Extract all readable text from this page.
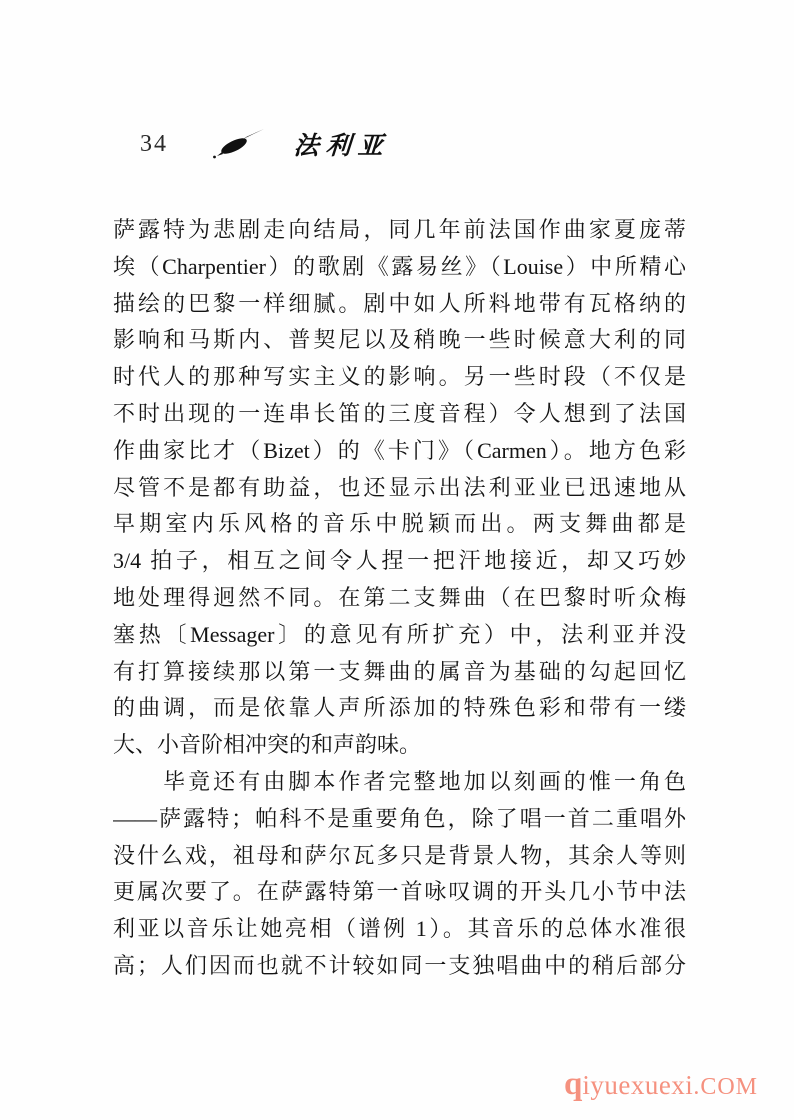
34	法利亚
萨露特为悲剧走向结局，同几年前法国作曲家夏庞蒂
埃（Charpentier）的歌剧《露易丝》（Louise）中所精心
描绘的巴黎一样细腻。剧中如人所料地带有瓦格纳的
影响和马斯内、普契尼以及稍晚一些时候意大利的同
时代人的那种写实主义的影响。另一些时段（不仅是
不时出现的一连串长笛的三度音程）令人想到了法国
作曲家比才（Bizet）的《卡门》（Carmen）。地方色彩
尽管不是都有助益，也还显示出法利亚业已迅速地从
早期室内乐风格的音乐中脱颖而出。两支舞曲都是
3/4 拍子，相互之间令人捏一把汗地接近，却又巧妙
地处理得迥然不同。在第二支舞曲（在巴黎时听众梅
塞热〔Messager〕的意见有所扩充）中，法利亚并没
有打算接续那以第一支舞曲的属音为基础的勾起回忆
的曲调，而是依靠人声所添加的特殊色彩和带有一缕
大、小音阶相冲突的和声韵味。
　　毕竟还有由脚本作者完整地加以刻画的惟一角色
——萨露特；帕科不是重要角色，除了唱一首二重唱外
没什么戏，祖母和萨尔瓦多只是背景人物，其余人等则
更属次要了。在萨露特第一首咏叹调的开头几小节中法
利亚以音乐让她亮相（谱例 1）。其音乐的总体水准很
高；人们因而也就不计较如同一支独唱曲中的稍后部分
q iyuexuexi .COM
